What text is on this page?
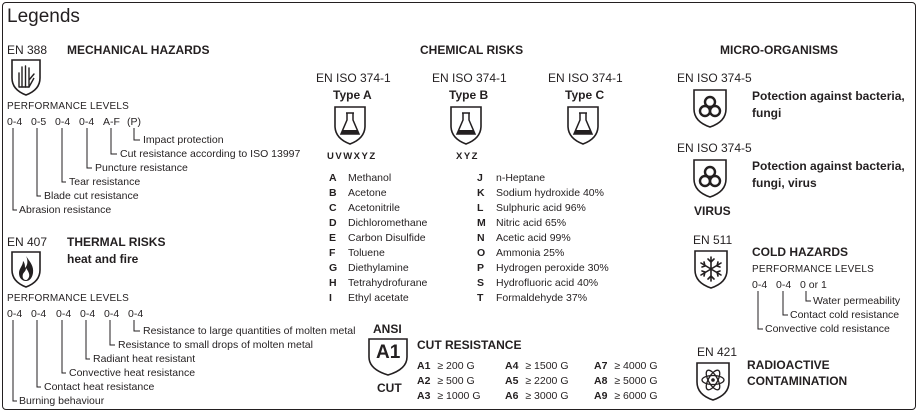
Legends
EN 388 MECHANICAL HAZARDS
PERFORMANCE LEVELS
0-4 0-5 0-4 0-4 A-F (P)
Impact protection
Cut resistance according to ISO 13997
Puncture resistance
Tear resistance
Blade cut resistance
Abrasion resistance
EN 407 THERMAL RISKS
heat and fire
PERFORMANCE LEVELS
0-4 0-4 0-4 0-4 0-4 0-4
Resistance to large quantities of molten metal
Resistance to small drops of molten metal
Radiant heat resistant
Convective heat resistance
Contact heat resistance
Burning behaviour
CHEMICAL RISKS
EN ISO 374-1
Type A
UVWXYZ
EN ISO 374-1
Type B
XYZ
EN ISO 374-1
Type C
A Methanol
B Acetone
C Acetonitrile
D Dichloromethane
E Carbon Disulfide
F Toluene
G Diethylamine
H Tetrahydrofurane
I Ethyl acetate
J n-Heptane
K Sodium hydroxide 40%
L Sulphuric acid 96%
M Nitric acid 65%
N Acetic acid 99%
O Ammonia 25%
P Hydrogen peroxide 30%
S Hydrofluoric acid 40%
T Formaldehyde 37%
ANSI
A1
CUT
CUT RESISTANCE
A1 ≥ 200 G
A2 ≥ 500 G
A3 ≥ 1000 G
A4 ≥ 1500 G
A5 ≥ 2200 G
A6 ≥ 3000 G
A7 ≥ 4000 G
A8 ≥ 5000 G
A9 ≥ 6000 G
MICRO-ORGANISMS
EN ISO 374-5
Potection against bacteria,
fungi
EN ISO 374-5
Potection against bacteria,
fungi, virus
VIRUS
EN 511
COLD HAZARDS
PERFORMANCE LEVELS
0-4 0-4 0 or 1
Water permeability
Contact cold resistance
Convective cold resistance
EN 421
RADIOACTIVE
CONTAMINATION
